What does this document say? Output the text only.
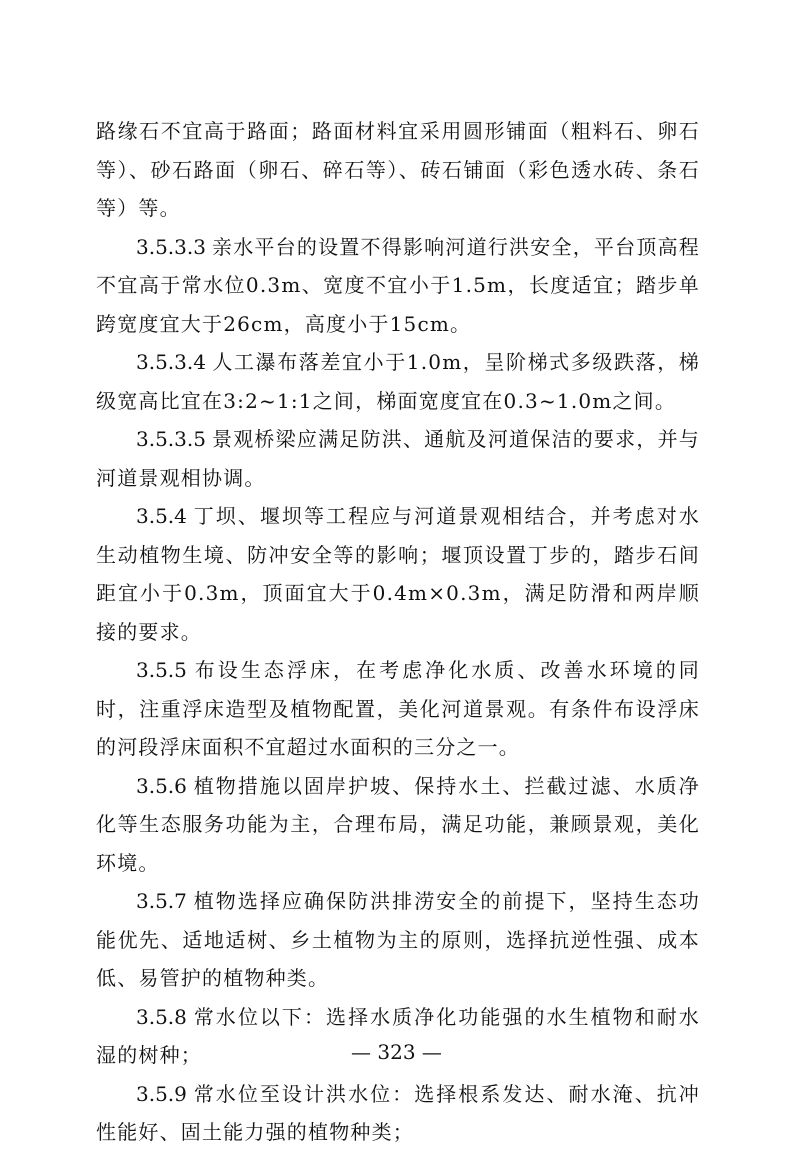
路缘石不宜高于路面；路面材料宜采用圆形铺面（粗料石、卵石等）、砂石路面（卵石、碎石等）、砖石铺面（彩色透水砖、条石等）等。

3.5.3.3 亲水平台的设置不得影响河道行洪安全，平台顶高程不宜高于常水位0.3m、宽度不宜小于1.5m，长度适宜；踏步单跨宽度宜大于26cm，高度小于15cm。

3.5.3.4 人工瀑布落差宜小于1.0m，呈阶梯式多级跌落，梯级宽高比宜在3:2~1:1之间，梯面宽度宜在0.3~1.0m之间。

3.5.3.5 景观桥梁应满足防洪、通航及河道保洁的要求，并与河道景观相协调。

3.5.4 丁坝、堰坝等工程应与河道景观相结合，并考虑对水生动植物生境、防冲安全等的影响；堰顶设置丁步的，踏步石间距宜小于0.3m，顶面宜大于0.4m×0.3m，满足防滑和两岸顺接的要求。

3.5.5 布设生态浮床，在考虑净化水质、改善水环境的同时，注重浮床造型及植物配置，美化河道景观。有条件布设浮床的河段浮床面积不宜超过水面积的三分之一。

3.5.6 植物措施以固岸护坡、保持水土、拦截过滤、水质净化等生态服务功能为主，合理布局，满足功能，兼顾景观，美化环境。

3.5.7 植物选择应确保防洪排涝安全的前提下，坚持生态功能优先、适地适树、乡土植物为主的原则，选择抗逆性强、成本低、易管护的植物种类。

3.5.8 常水位以下：选择水质净化功能强的水生植物和耐水湿的树种；

3.5.9 常水位至设计洪水位：选择根系发达、耐水淹、抗冲性能好、固土能力强的植物种类；

— 323 —
